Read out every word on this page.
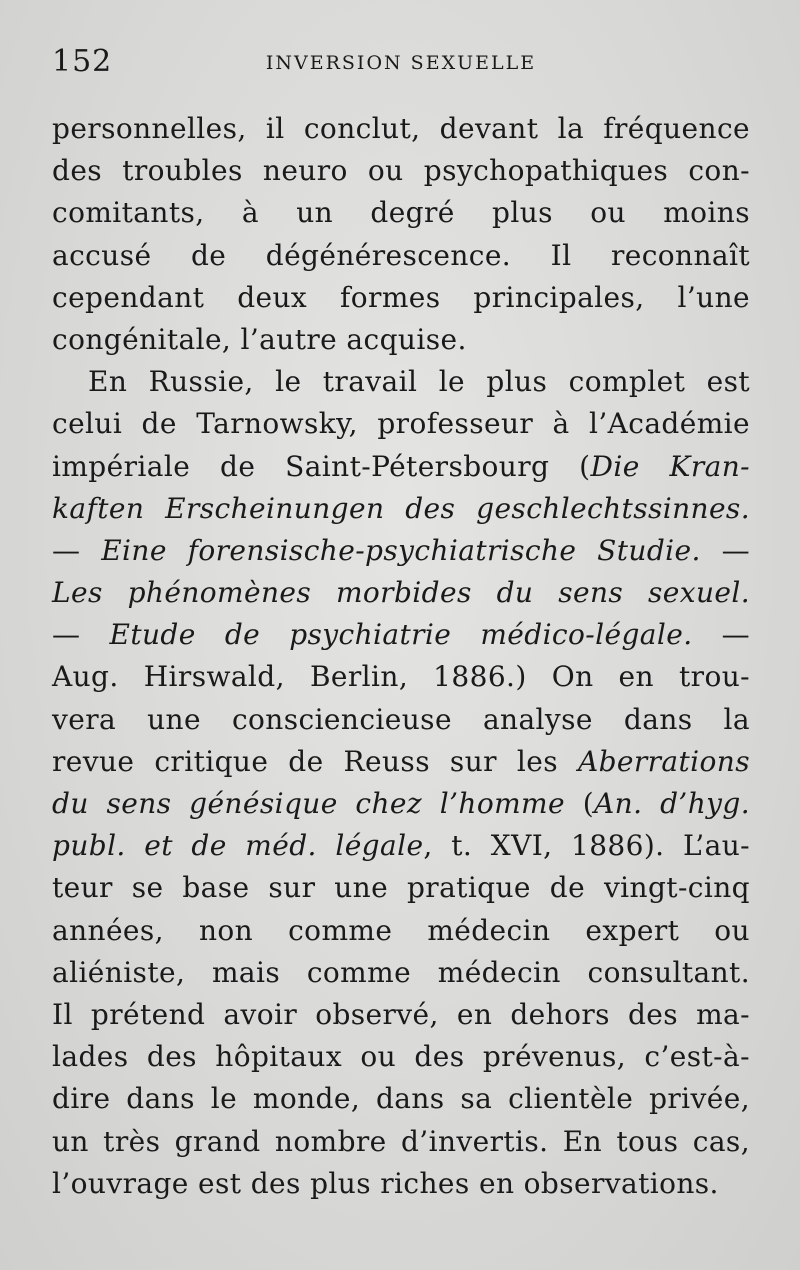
152	INVERSION SEXUELLE
personnelles, il conclut, devant la fréquence
des troubles neuro ou psychopathiques con-
comitants, à un degré plus ou moins
accusé de dégénérescence. Il reconnaît
cependant deux formes principales, l’une
congénitale, l’autre acquise.
En Russie, le travail le plus complet est
celui de Tarnowsky, professeur à l’Académie
impériale de Saint-Pétersbourg (Die Kran-
kaften Erscheinungen des geschlechtssinnes.
— Eine forensische-psychiatrische Studie. —
Les phénomènes morbides du sens sexuel.
— Etude de psychiatrie médico-légale. —
Aug. Hirswald, Berlin, 1886.) On en trou-
vera une consciencieuse analyse dans la
revue critique de Reuss sur les Aberrations
du sens génésique chez l’homme (An. d’hyg.
publ. et de méd. légale, t. XVI, 1886). L’au-
teur se base sur une pratique de vingt-cinq
années, non comme médecin expert ou
aliéniste, mais comme médecin consultant.
Il prétend avoir observé, en dehors des ma-
lades des hôpitaux ou des prévenus, c’est-à-
dire dans le monde, dans sa clientèle privée,
un très grand nombre d’invertis. En tous cas,
l’ouvrage est des plus riches en observations.
